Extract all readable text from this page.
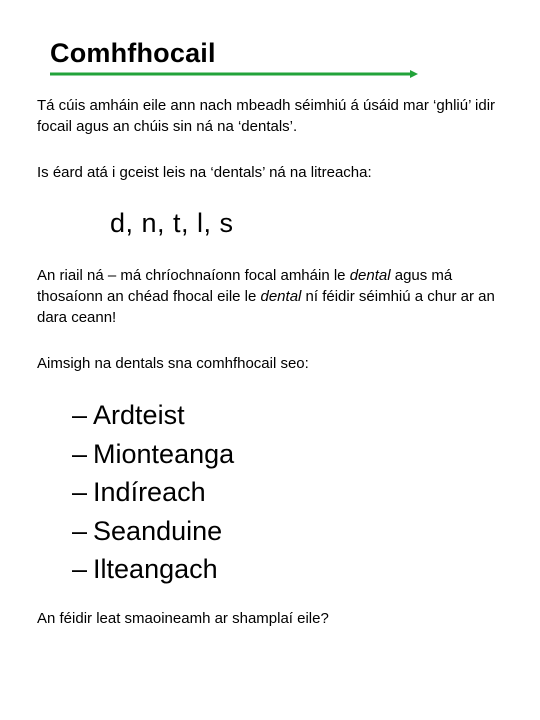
Comhfhocail
Tá cúis amháin eile ann nach mbeadh séimhiú á úsáid mar ‘ghliú’ idir focail agus an chúis sin ná na ‘dentals’.
Is éard atá i gceist leis na ‘dentals’ ná na litreacha:
d, n, t, l, s
An riail ná – má chríochnaíonn focal amháin le dental agus má thosaíonn an chéad fhocal eile le dental ní féidir séimhiú a chur ar an dara ceann!
Aimsigh na dentals sna comhfhocail seo:
– Ardteist
– Mionteanga
– Indíreach
– Seanduine
– Ilteangach
An féidir leat smaoineamh ar shamplaí eile?
